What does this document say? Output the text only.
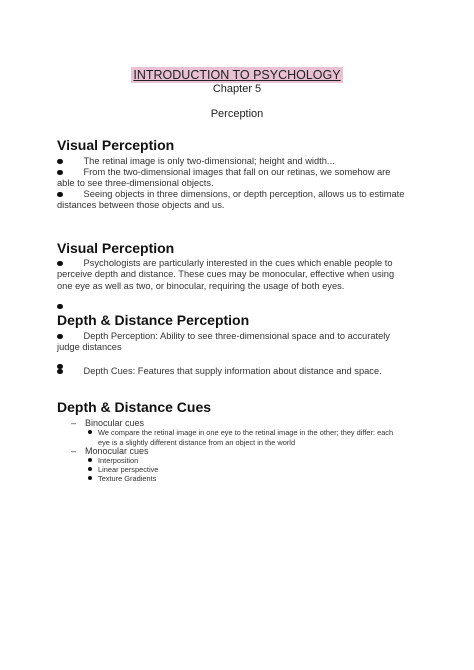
INTRODUCTION TO PSYCHOLOGY
Chapter 5
Perception
Visual Perception
The retinal image is only two-dimensional; height and width...
From the two-dimensional images that fall on our retinas, we somehow are
able to see three-dimensional objects.
Seeing objects in three dimensions, or depth perception, allows us to estimate
distances between those objects and us.
Visual Perception
Psychologists are particularly interested in the cues which enable people to
perceive depth and distance. These cues may be monocular, effective when using
one eye as well as two, or binocular, requiring the usage of both eyes.
Depth & Distance Perception
Depth Perception: Ability to see three-dimensional space and to accurately
judge distances
Depth Cues: Features that supply information about distance and space.
Depth & Distance Cues
– Binocular cues
We compare the retinal image in one eye to the retinal image in the other; they differ: each
eye is a slightly different distance from an object in the world
– Monocular cues
Interposition
Linear perspective
Texture Gradients
